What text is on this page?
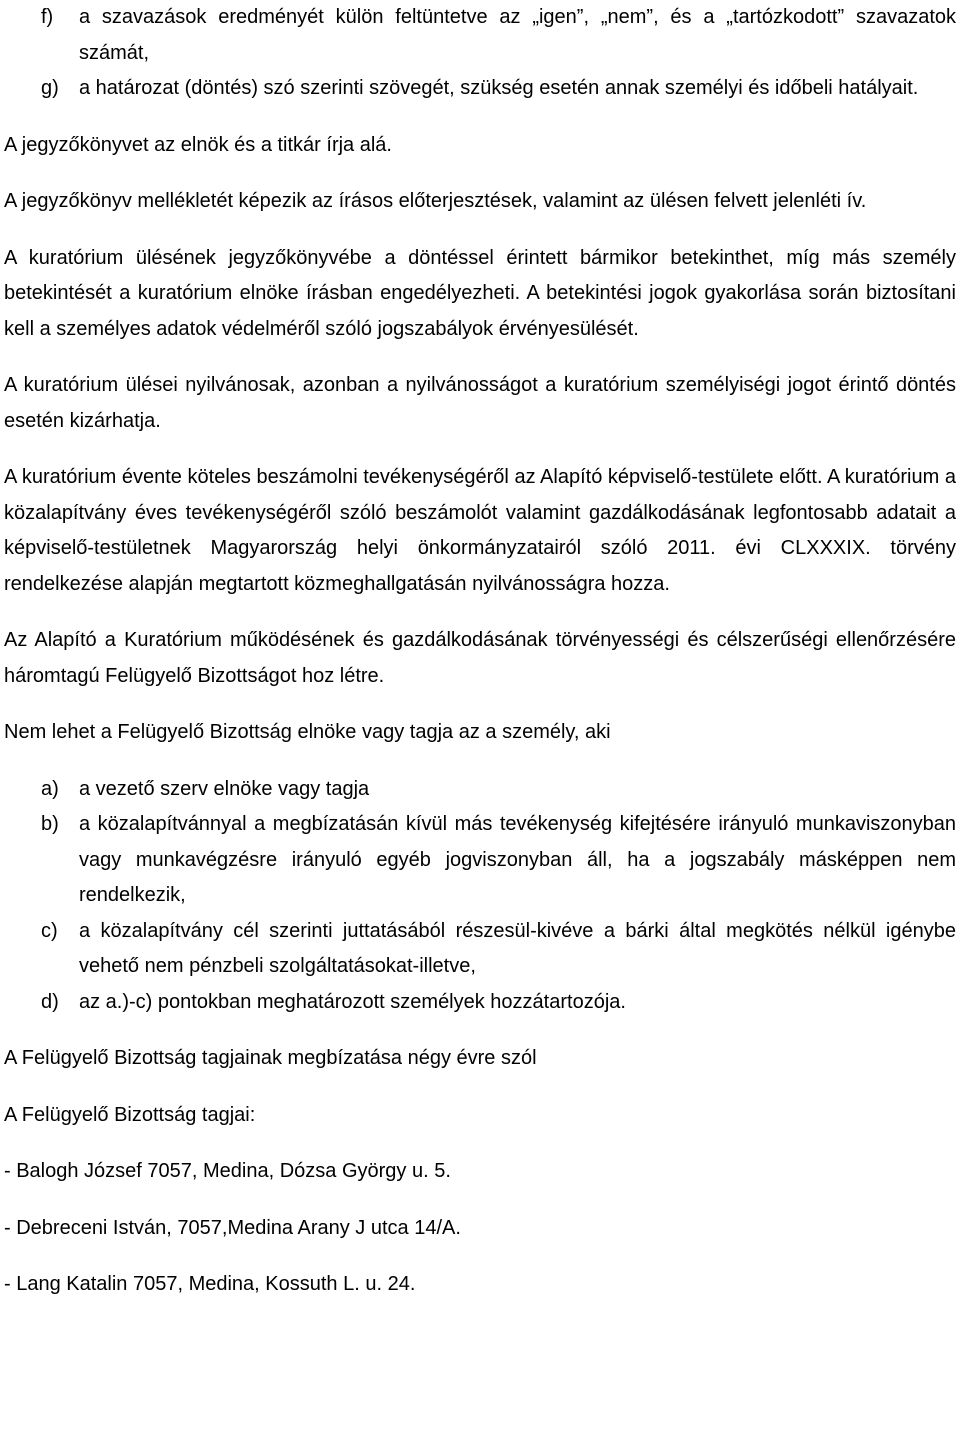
f)	a szavazások eredményét külön feltüntetve az „igen”, „nem”, és a „tartózkodott” szavazatok számát,
g)	a határozat (döntés) szó szerinti szövegét, szükség esetén annak személyi és időbeli hatályait.

A jegyzőkönyvet az elnök és a titkár írja alá.

A jegyzőkönyv mellékletét képezik az írásos előterjesztések, valamint az ülésen felvett jelenléti ív.

A kuratórium ülésének jegyzőkönyvébe a döntéssel érintett bármikor betekinthet, míg más személy betekintését a kuratórium elnöke írásban engedélyezheti. A betekintési jogok gyakorlása során biztosítani kell a személyes adatok védelméről szóló jogszabályok érvényesülését.

A kuratórium ülései nyilvánosak, azonban a nyilvánosságot a kuratórium személyiségi jogot érintő döntés esetén kizárhatja.

A kuratórium évente köteles beszámolni tevékenységéről az Alapító képviselő-testülete előtt. A kuratórium a közalapítvány éves tevékenységéről szóló beszámolót valamint gazdálkodásának legfontosabb adatait a képviselő-testületnek Magyarország helyi önkormányzatairól szóló 2011. évi CLXXXIX. törvény rendelkezése alapján megtartott közmeghallgatásán nyilvánosságra hozza.

Az Alapító a Kuratórium működésének és gazdálkodásának törvényességi és célszerűségi ellenőrzésére háromtagú Felügyelő Bizottságot hoz létre.

Nem lehet a Felügyelő Bizottság elnöke vagy tagja az a személy, aki

a)	a vezető szerv elnöke vagy tagja
b)	a közalapítvánnyal a megbízatásán kívül más tevékenység kifejtésére irányuló munkaviszonyban vagy munkavégzésre irányuló egyéb jogviszonyban áll, ha a jogszabály másképpen nem rendelkezik,
c)	a közalapítvány cél szerinti juttatásából részesül-kivéve a bárki által megkötés nélkül igénybe vehető nem pénzbeli szolgáltatásokat-illetve,
d)	az a.)-c) pontokban meghatározott személyek hozzátartozója.

A Felügyelő Bizottság tagjainak megbízatása négy évre szól

A Felügyelő Bizottság tagjai:

- Balogh József 7057, Medina, Dózsa György u. 5.
- Debreceni István, 7057,Medina Arany J utca 14/A.
- Lang Katalin 7057, Medina, Kossuth L. u. 24.
